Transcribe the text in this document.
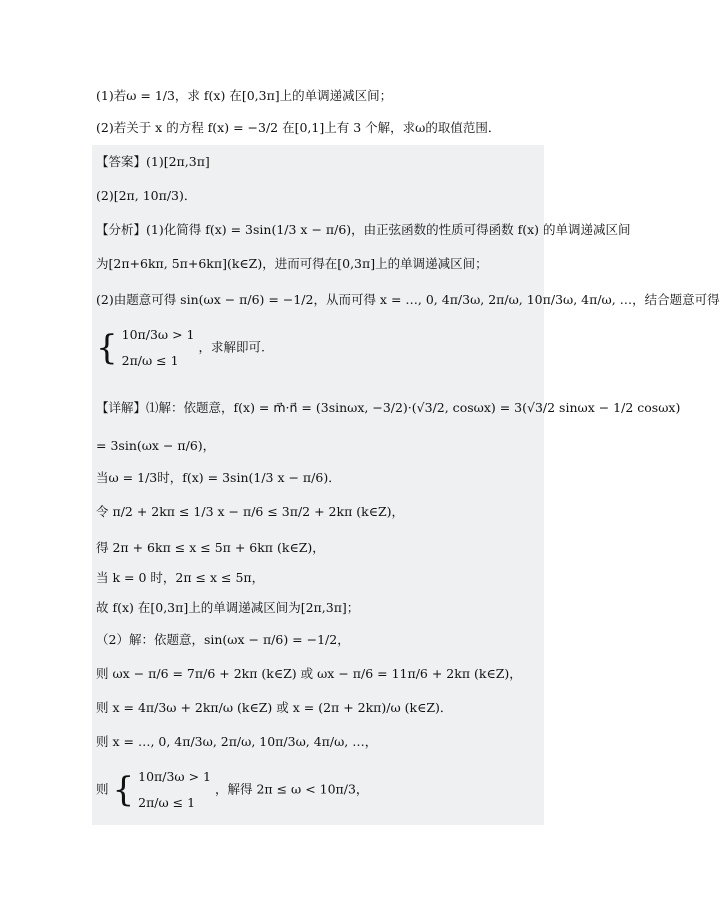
(1)若ω = 1/3，求 f(x) 在[0,3π]上的单调递减区间；
(2)若关于 x 的方程 f(x) = −3/2 在[0,1]上有 3 个解，求ω的取值范围．
【答案】(1)[2π,3π]
(2)[2π, 10π/3)．
【分析】(1)化简得 f(x) = 3sin(1/3 x − π/6)，由正弦函数的性质可得函数 f(x) 的单调递减区间
为[2π+6kπ, 5π+6kπ](k∈Z)，进而可得在[0,3π]上的单调递减区间；
(2)由题意可得 sin(ωx − π/6) = −1/2，从而可得 x = …, 0, 4π/3ω, 2π/ω, 10π/3ω, 4π/ω, …，结合题意可得
{ 10π/3ω > 1
2π/ω ≤ 1
，求解即可.
【详解】⑴解：依题意，f(x) = m⃗·n⃗ = (3sinωx, −3/2)·(√3/2, cosωx) = 3(√3/2 sinωx − 1/2 cosωx)
= 3sin(ωx − π/6)，
当ω = 1/3时，f(x) = 3sin(1/3 x − π/6)．
令 π/2 + 2kπ ≤ 1/3 x − π/6 ≤ 3π/2 + 2kπ (k∈Z)，
得 2π + 6kπ ≤ x ≤ 5π + 6kπ (k∈Z)，
当 k = 0 时，2π ≤ x ≤ 5π，
故 f(x) 在[0,3π]上的单调递减区间为[2π,3π]；
（2）解：依题意，sin(ωx − π/6) = −1/2，
则 ωx − π/6 = 7π/6 + 2kπ (k∈Z) 或 ωx − π/6 = 11π/6 + 2kπ (k∈Z)，
则 x = 4π/3ω + 2kπ/ω (k∈Z) 或 x = (2π + 2kπ)/ω (k∈Z)．
则 x = …, 0, 4π/3ω, 2π/ω, 10π/3ω, 4π/ω, …，
则 { 10π/3ω > 1
2π/ω ≤ 1
，解得 2π ≤ ω < 10π/3，
